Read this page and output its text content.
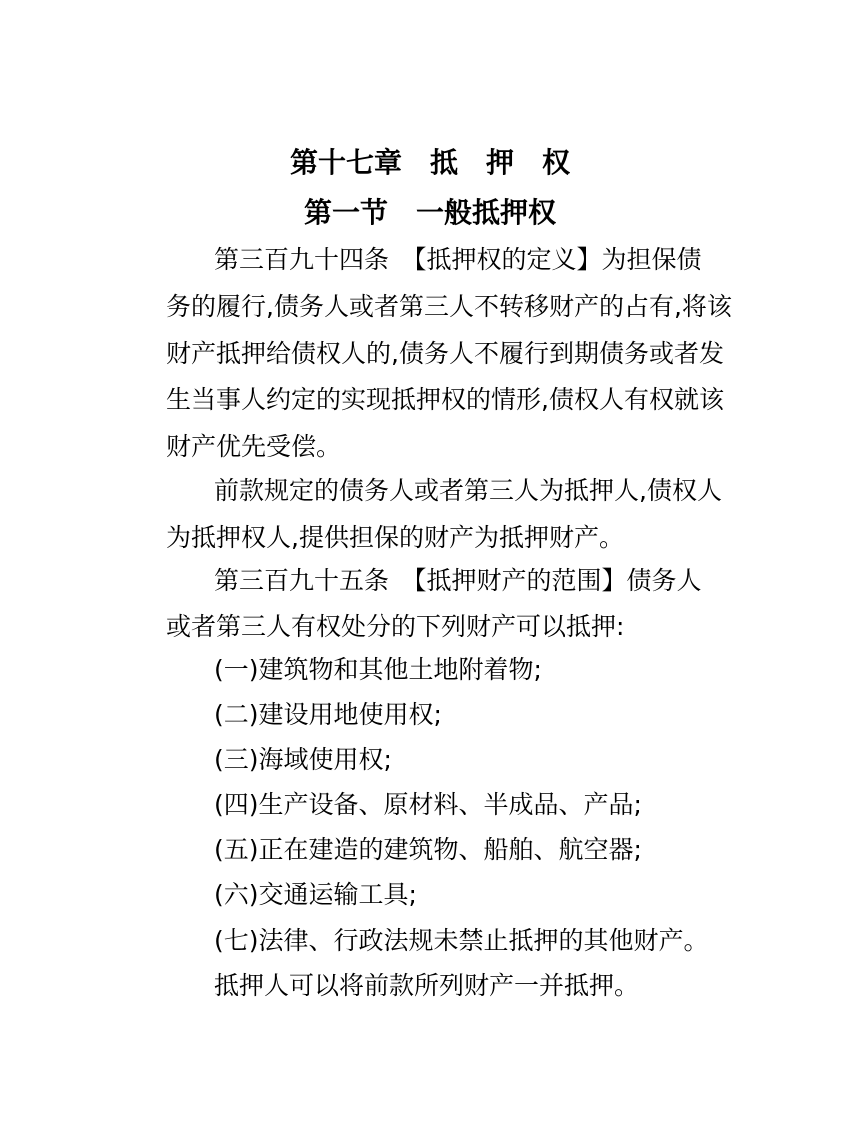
第十七章　抵　押　权
第一节　一般抵押权

第三百九十四条　【抵押权的定义】为担保债

务的履行,债务人或者第三人不转移财产的占有,将该

财产抵押给债权人的,债务人不履行到期债务或者发

生当事人约定的实现抵押权的情形,债权人有权就该

财产优先受偿。

前款规定的债务人或者第三人为抵押人,债权人

为抵押权人,提供担保的财产为抵押财产。

第三百九十五条　【抵押财产的范围】债务人

或者第三人有权处分的下列财产可以抵押:

(一)建筑物和其他土地附着物;

(二)建设用地使用权;

(三)海域使用权;

(四)生产设备、原材料、半成品、产品;

(五)正在建造的建筑物、船舶、航空器;

(六)交通运输工具;

(七)法律、行政法规未禁止抵押的其他财产。

抵押人可以将前款所列财产一并抵押。
